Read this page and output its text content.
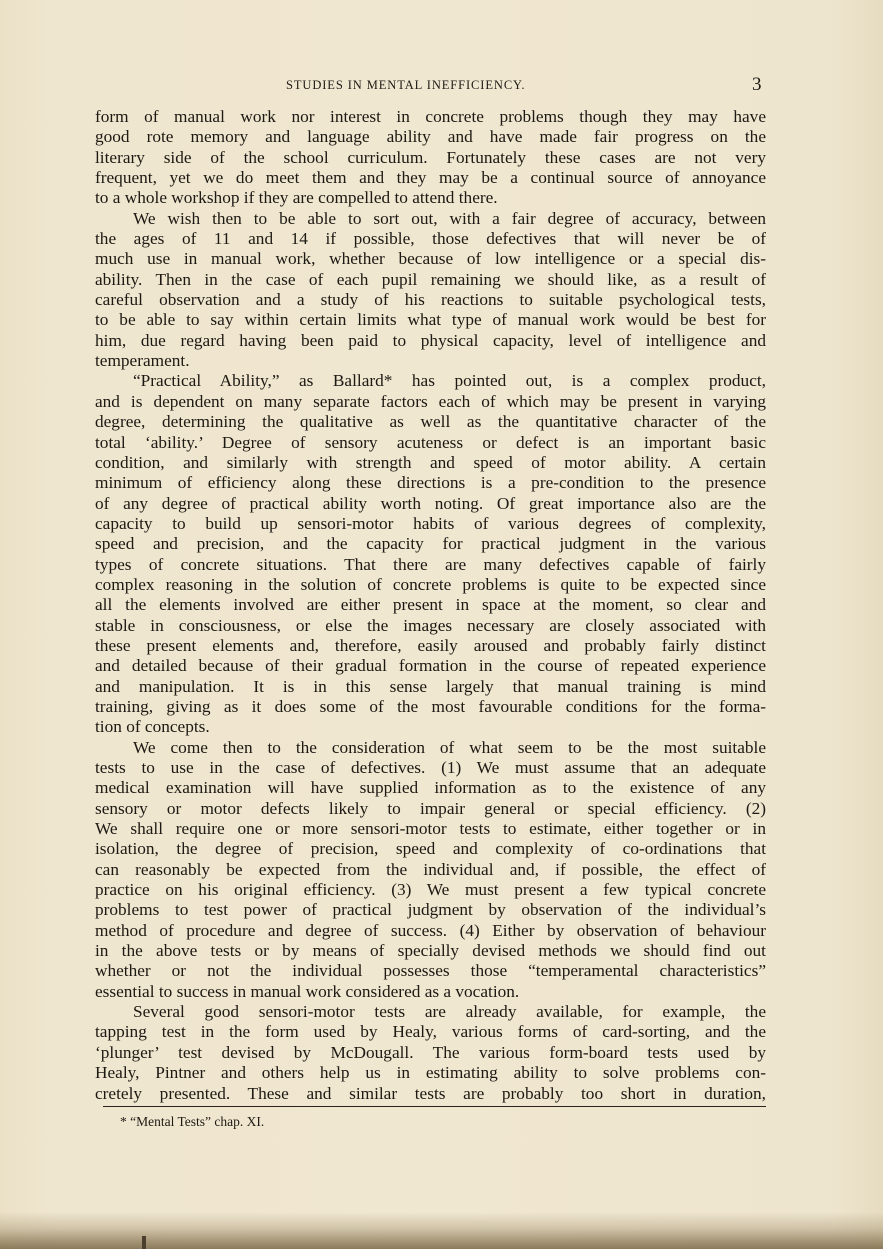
STUDIES IN MENTAL INEFFICIENCY.	3
form of manual work nor interest in concrete problems though they may have
good rote memory and language ability and have made fair progress on the
literary side of the school curriculum. Fortunately these cases are not very
frequent, yet we do meet them and they may be a continual source of annoyance
to a whole workshop if they are compelled to attend there.
We wish then to be able to sort out, with a fair degree of accuracy, between
the ages of 11 and 14 if possible, those defectives that will never be of
much use in manual work, whether because of low intelligence or a special dis-
ability. Then in the case of each pupil remaining we should like, as a result of
careful observation and a study of his reactions to suitable psychological tests,
to be able to say within certain limits what type of manual work would be best for
him, due regard having been paid to physical capacity, level of intelligence and
temperament.
“Practical Ability,” as Ballard* has pointed out, is a complex product,
and is dependent on many separate factors each of which may be present in varying
degree, determining the qualitative as well as the quantitative character of the
total ‘ability.’ Degree of sensory acuteness or defect is an important basic
condition, and similarly with strength and speed of motor ability. A certain
minimum of efficiency along these directions is a pre-condition to the presence
of any degree of practical ability worth noting. Of great importance also are the
capacity to build up sensori-motor habits of various degrees of complexity,
speed and precision, and the capacity for practical judgment in the various
types of concrete situations. That there are many defectives capable of fairly
complex reasoning in the solution of concrete problems is quite to be expected since
all the elements involved are either present in space at the moment, so clear and
stable in consciousness, or else the images necessary are closely associated with
these present elements and, therefore, easily aroused and probably fairly distinct
and detailed because of their gradual formation in the course of repeated experience
and manipulation. It is in this sense largely that manual training is mind
training, giving as it does some of the most favourable conditions for the forma-
tion of concepts.
We come then to the consideration of what seem to be the most suitable
tests to use in the case of defectives. (1) We must assume that an adequate
medical examination will have supplied information as to the existence of any
sensory or motor defects likely to impair general or special efficiency. (2)
We shall require one or more sensori-motor tests to estimate, either together or in
isolation, the degree of precision, speed and complexity of co-ordinations that
can reasonably be expected from the individual and, if possible, the effect of
practice on his original efficiency. (3) We must present a few typical concrete
problems to test power of practical judgment by observation of the individual’s
method of procedure and degree of success. (4) Either by observation of behaviour
in the above tests or by means of specially devised methods we should find out
whether or not the individual possesses those “temperamental characteristics”
essential to success in manual work considered as a vocation.
Several good sensori-motor tests are already available, for example, the
tapping test in the form used by Healy, various forms of card-sorting, and the
‘plunger’ test devised by McDougall. The various form-board tests used by
Healy, Pintner and others help us in estimating ability to solve problems con-
cretely presented. These and similar tests are probably too short in duration,
* “Mental Tests” chap. XI.
